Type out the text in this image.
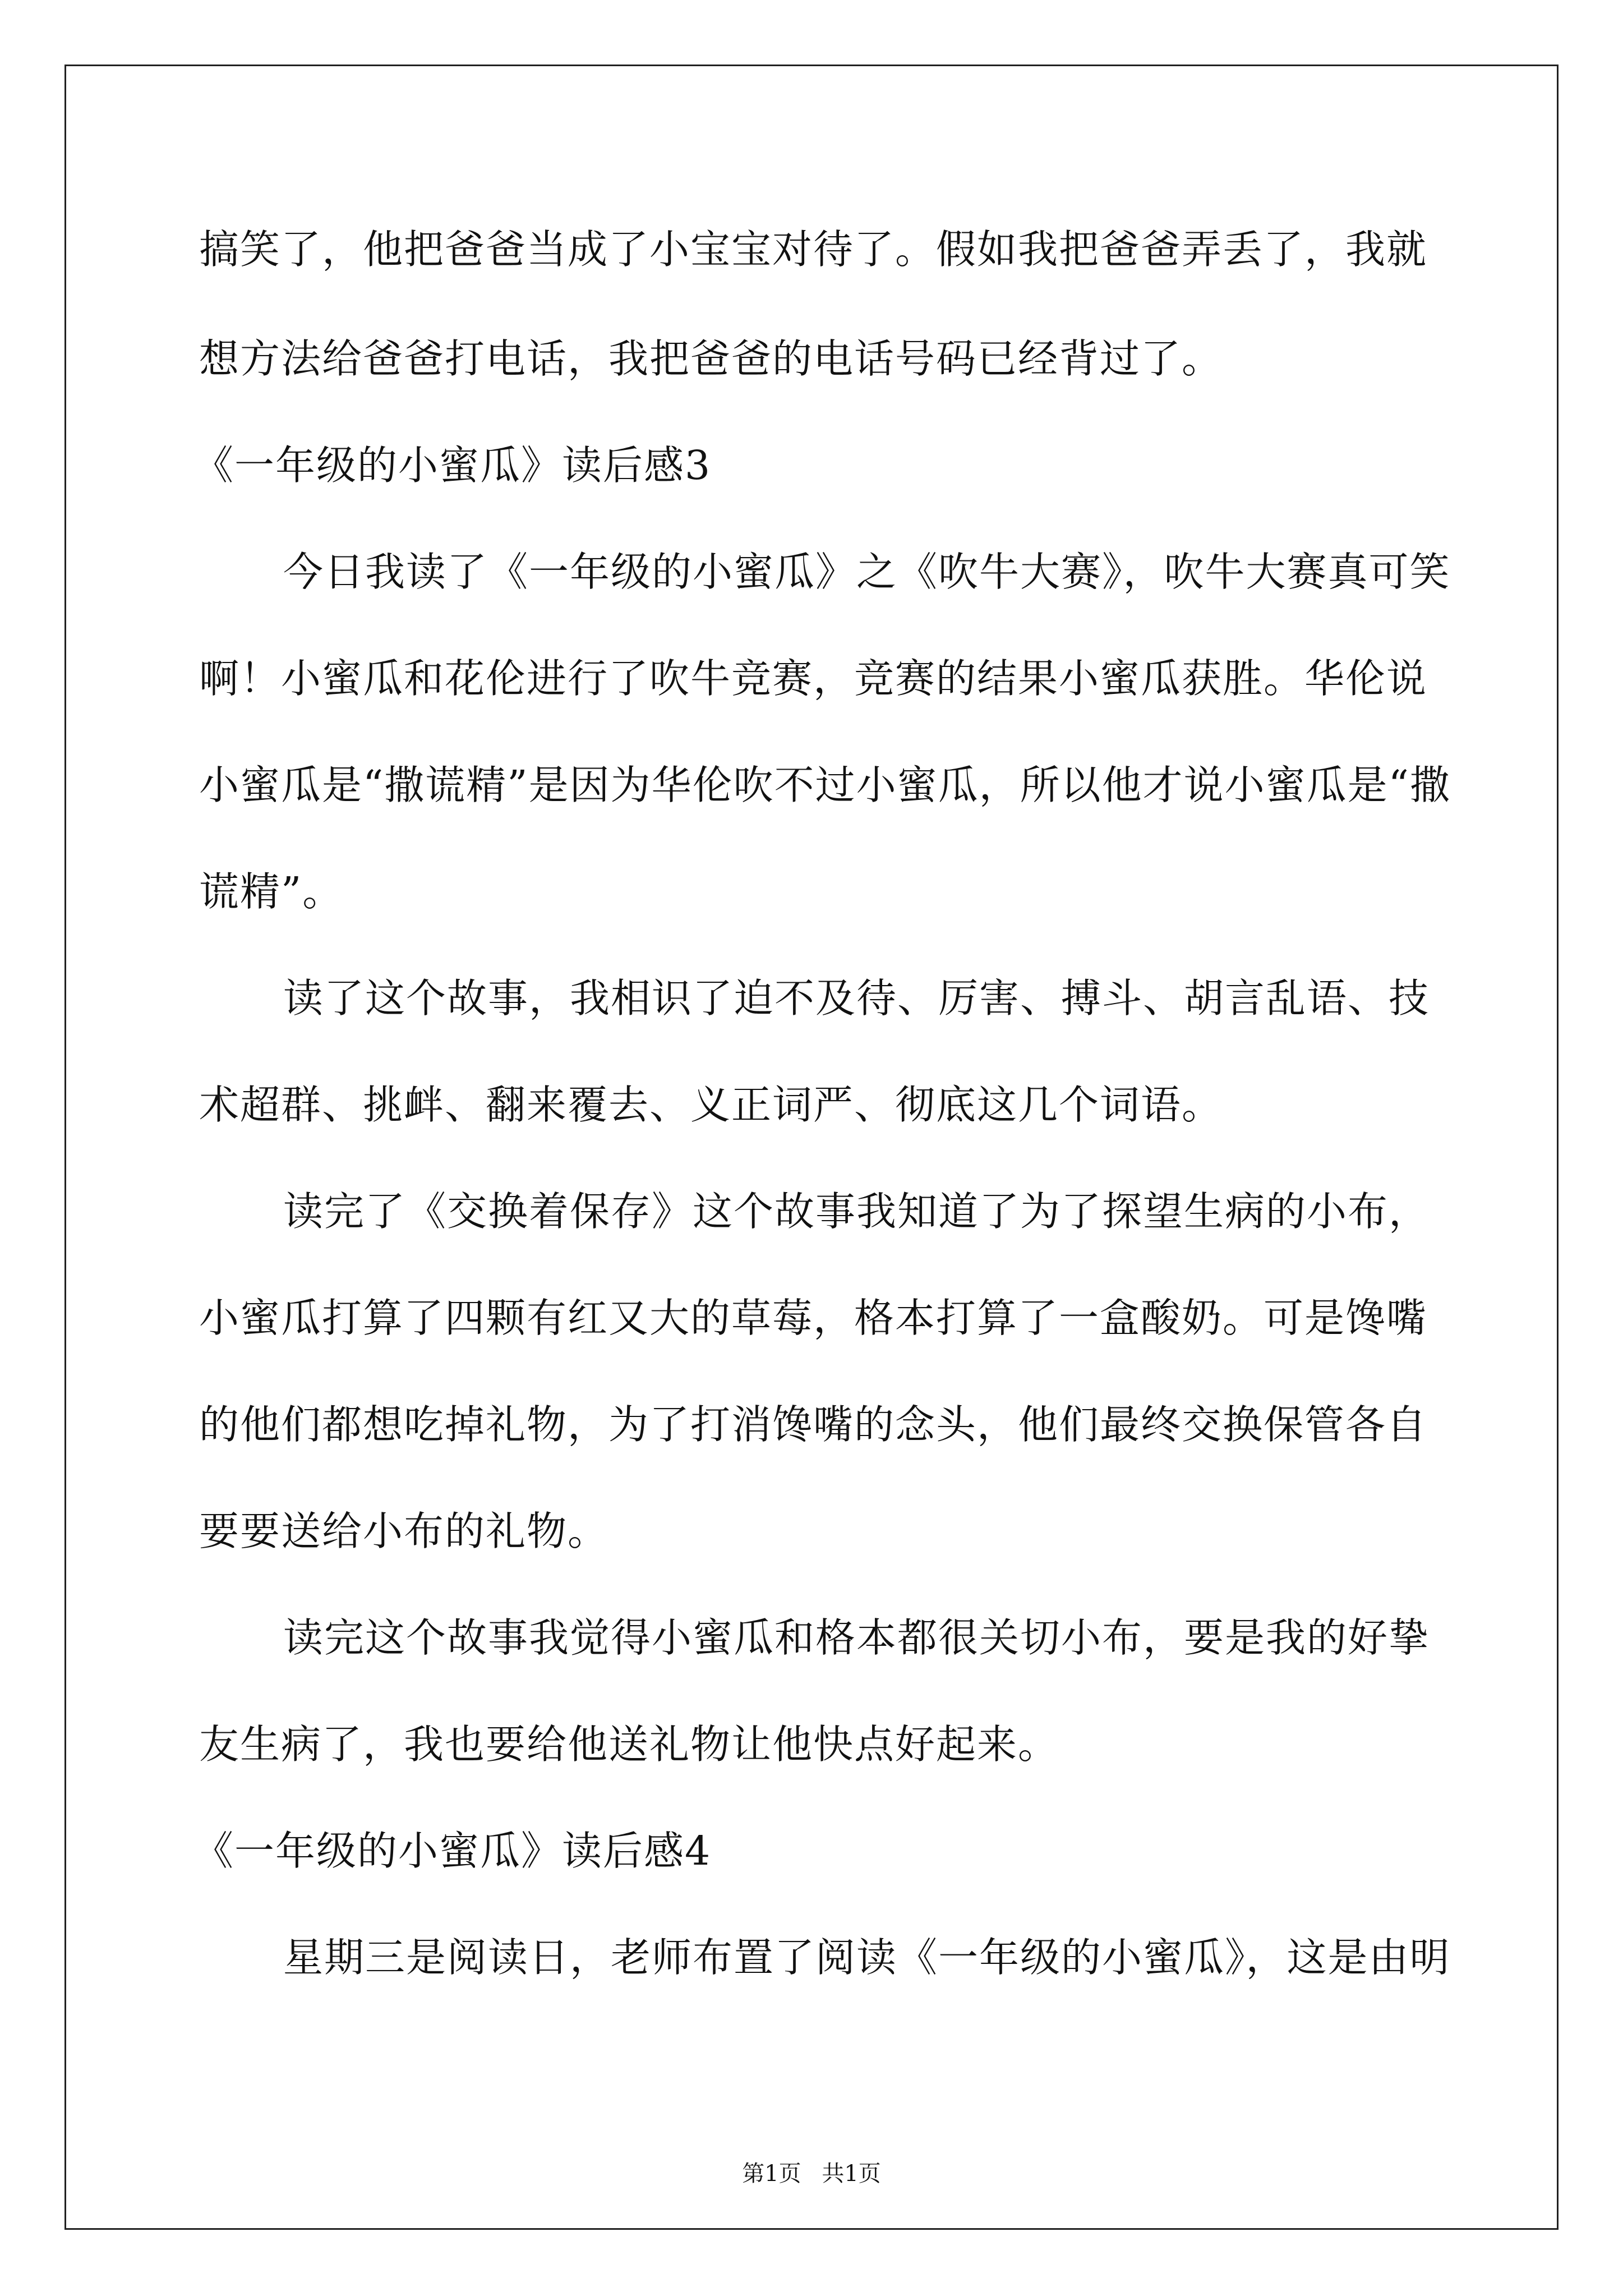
搞笑了，他把爸爸当成了小宝宝对待了。假如我把爸爸弄丢了，我就
想方法给爸爸打电话，我把爸爸的电话号码已经背过了。
《一年级的小蜜瓜》读后感3
今日我读了《一年级的小蜜瓜》之《吹牛大赛》，吹牛大赛真可笑
啊！小蜜瓜和花伦进行了吹牛竞赛，竞赛的结果小蜜瓜获胜。华伦说
小蜜瓜是“撒谎精”是因为华伦吹不过小蜜瓜，所以他才说小蜜瓜是“撒
谎精”。
读了这个故事，我相识了迫不及待、厉害、搏斗、胡言乱语、技
术超群、挑衅、翻来覆去、义正词严、彻底这几个词语。
读完了《交换着保存》这个故事我知道了为了探望生病的小布，
小蜜瓜打算了四颗有红又大的草莓，格本打算了一盒酸奶。可是馋嘴
的他们都想吃掉礼物，为了打消馋嘴的念头，他们最终交换保管各自
要要送给小布的礼物。
读完这个故事我觉得小蜜瓜和格本都很关切小布，要是我的好挚
友生病了，我也要给他送礼物让他快点好起来。
《一年级的小蜜瓜》读后感4
星期三是阅读日，老师布置了阅读《一年级的小蜜瓜》，这是由明
第1页 共1页
